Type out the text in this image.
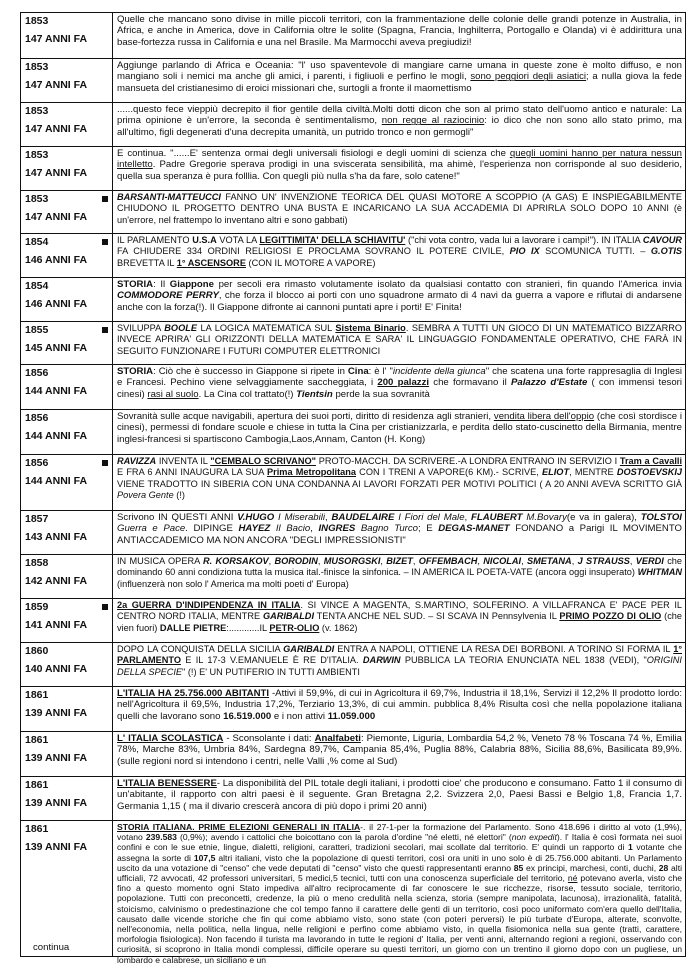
1853
147 ANNI FA
Quelle che mancano sono divise in mille piccoli territori, con la frammentazione delle colonie delle grandi potenze in Australia, in Africa, e anche in America, dove in California oltre le solite (Spagna, Francia, Inghilterra, Portogallo e Olanda) vi è addirittura una base-fortezza russa in California e una nel Brasile. Ma Marmocchi aveva pregiudizi!
1853
147 ANNI FA
Aggiunge parlando di Africa e Oceania: "l' uso spaventevole di mangiare carne umana in queste zone è molto diffuso, e non mangiano soli i nemici ma anche gli amici, i parenti, i figliuoli e perfino le mogli, sono peggiori degli asiatici; a nulla giova la fede mansueta del cristianesimo di eroici missionari che, surtogli a fronte il maomettismo
1853
147 ANNI FA
......questo fece vieppiù decrepito il fior gentile della civiltà.Molti dotti dicon che son al primo stato dell'uomo antico e naturale: La prima opinione è un'errore, la seconda è sentimentalismo, non regge al raziocinio: io dico che non sono allo stato primo, ma all'ultimo, figli degenerati d'una decrepita umanità, un putrido tronco e non germogli"
1853
147 ANNI FA
E continua. "......E' sentenza ormai degli universali fisiologi e degli uomini di scienza che quegli uomini hanno per natura nessun intelletto. Padre Gregorie sperava prodigi in una sviscerata sensibilità, ma ahimè, l'esperienza non corrisponde al suo desiderio, quella sua speranza è pura folllia. Con quegli più nulla s'ha da fare, solo catene!"
1853
147 ANNI FA
BARSANTI-MATTEUCCI FANNO UN' INVENZIONE TEORICA DEL QUASI MOTORE A SCOPPIO (A GAS) E INSPIEGABILMENTE CHIUDONO IL PROGETTO DENTRO UNA BUSTA E INCARICANO LA SUA ACCADEMIA DI APRIRLA SOLO DOPO 10 ANNI (è un'errore, nel frattempo lo inventano altri e sono gabbati)
1854
146 ANNI FA
IL PARLAMENTO U.S.A VOTA LA LEGITTIMITA' DELLA SCHIAVITU' ("chi vota contro, vada lui a lavorare i campi!"). IN ITALIA CAVOUR FA CHIUDERE 334 ORDINI RELIGIOSI E PROCLAMA SOVRANO IL POTERE CIVILE, PIO IX SCOMUNICA TUTTI. – G.OTIS BREVETTA IL 1° ASCENSORE (CON IL MOTORE A VAPORE)
1854
146 ANNI FA
STORIA: Il Giappone per secoli era rimasto volutamente isolato da qualsiasi contatto con stranieri, fin quando l'America invia COMMODORE PERRY, che forza il blocco ai porti con uno squadrone armato di 4 navi da guerra a vapore e riflutai di andarsene anche con la forza(!). Il Giappone difronte ai cannoni puntati apre i porti! E' Finita!
1855
145 ANNI FA
SVILUPPA BOOLE LA LOGICA MATEMATICA SUL Sistema Binario. SEMBRA A TUTTI UN GIOCO DI UN MATEMATICO BIZZARRO INVECE APRIRA' GLI ORIZZONTI DELLA MATEMATICA E SARA' IL LINGUAGGIO FONDAMENTALE OPERATIVO, CHE FARÀ IN SEGUITO FUNZIONARE I FUTURI COMPUTER ELETTRONICI
1856
144 ANNI FA
STORIA: Ciò che è successo in Giappone si ripete in Cina: è l' "incidente della giunca" che scatena una forte rappresaglia di Inglesi e Francesi. Pechino viene selvaggiamente saccheggiata, i 200 palazzi che formavano il Palazzo d'Estate ( con immensi tesori cinesi) rasi al suolo. La Cina col trattato(!) Tientsin perde la sua sovranità
1856
144 ANNI FA
Sovranità sulle acque navigabili, apertura dei suoi porti, diritto di residenza agli stranieri, vendita libera dell'oppio (che così stordisce i cinesi), permessi di fondare scuole e chiese in tutta la Cina per cristianizzarla, e perdita dello stato-cuscinetto della Birmania, mentre inglesi-francesi si spartiscono Cambogia,Laos,Annam, Canton (H. Kong)
1856
144 ANNI FA
RAVIZZA INVENTA IL "CEMBALO SCRIVANO" PROTO-MACCH. DA SCRIVERE.-A LONDRA ENTRANO IN SERVIZIO I Tram a Cavalli E FRA 6 ANNI INAUGURA LA SUA Prima Metropolitana CON I TRENI A VAPORE(6 KM).- SCRIVE, ELIOT, MENTRE DOSTOEVSKIJ VIENE TRADOTTO IN SIBERIA CON UNA CONDANNA AI LAVORI FORZATI PER MOTIVI POLITICI ( A 20 ANNI AVEVA SCRITTO GIÀ Povera Gente (!)
1857
143 ANNI FA
Scrivono IN QUESTI ANNI V.HUGO I Miserabili, BAUDELAIRE I Fiori del Male, FLAUBERT M.Bovary(e va in galera), TOLSTOI Guerra e Pace. DIPINGE HAYEZ Il Bacio, INGRES Bagno Turco; E DEGAS-MANET FONDANO a Parigi IL MOVIMENTO ANTIACCADEMICO MA NON ANCORA "DEGLI IMPRESSIONISTI"
1858
142 ANNI FA
IN MUSICA OPERA R. KORSAKOV, BORODIN, MUSORGSKI, BIZET, OFFEMBACH, NICOLAI, SMETANA, J STRAUSS, VERDI che dominando 60 anni condiziona tutta la musica ital.-finisce la sinfonica. – IN AMERICA IL POETA-VATE (ancora oggi insuperato) WHITMAN (influenzerà non solo l' America ma molti poeti d' Europa)
1859
141 ANNI FA
2a GUERRA D'INDIPENDENZA IN ITALIA. SI VINCE A MAGENTA, S.MARTINO, SOLFERINO. A VILLAFRANCA E' PACE PER IL CENTRO NORD ITALIA, MENTRE GARIBALDI TENTA ANCHE NEL SUD. – SI SCAVA IN Pennsylvenia IL PRIMO POZZO DI OLIO (che vien fuori) DALLE PIETRE:............IL PETR-OLIO (v. 1862)
1860
140 ANNI FA
DOPO LA CONQUISTA DELLA SICILIA GARIBALDI ENTRA A NAPOLI, OTTIENE LA RESA DEI BORBONI. A TORINO SI FORMA IL 1° PARLAMENTO E IL 17-3 V.EMANUELE È RE D'ITALIA. DARWIN PUBBLICA LA TEORIA ENUNCIATA NEL 1838 (VEDI), "ORIGINI DELLA SPECIE" (!) E' UN PUTIFERIO IN TUTTI AMBIENTI
1861
139 ANNI FA
L'ITALIA HA 25.756.000 ABITANTI -Attivi il 59,9%, di cui in Agricoltura il 69,7%, Industria il 18,1%, Servizi il 12,2% Il prodotto lordo: nell'Agricoltura il 69,5%, Industria 17,2%, Terziario 13,3%, di cui ammin. pubblica 8,4% Risulta così che nella popolazione italiana quelli che lavorano sono 16.519.000 e i non attivi 11.059.000
1861
139 ANNI FA
L' ITALIA SCOLASTICA - Sconsolante i dati: Analfabeti: Piemonte, Liguria, Lombardia 54,2 %, Veneto 78 % Toscana 74 %, Emilia 78%, Marche 83%, Umbria 84%, Sardegna 89,7%, Campania 85,4%, Puglia 88%, Calabria 88%, Sicilia 88,6%, Basilicata 89,9%. (sulle regioni nord si intendono i centri, nelle Valli ,% come al Sud)
1861
139 ANNI FA
L'ITALIA BENESSERE- La disponibilità del PIL totale degli italiani, i prodotti cioe' che producono e consumano. Fatto 1 il consumo di un'abitante, il rapporto con altri paesi è il seguente. Gran Bretagna 2,2. Svizzera 2,0, Paesi Bassi e Belgio 1,8, Francia 1,7. Germania 1,15 ( ma il divario crescerà ancora di più dopo i primi 20 anni)
1861
139 ANNI FA
continua
STORIA ITALIANA. PRIME ELEZIONI GENERALI IN ITALIA-. il 27-1-per la formazione del Parlamento. Sono 418.696 i diritto al voto (1,9%), votano 239.583 (0,9%); avendo i cattolici che boicottano con la parola d'ordine "né eletti, né elettori" (non expedit). l' Italia è così formata nei suoi confini e con le sue etnie, lingue, dialetti, religioni, caratteri, tradizioni secolari, mai scollate dal territorio. E' quindi un rapporto di 1 votante che assegna la sorte di 107,5 altri italiani, visto che la popolazione di questi territori, così ora uniti in uno solo è di 25.756.000 abitanti. Un Parlamento uscito da una votazione di "censo" che vede deputati di "censo" visto che questi rappresentanti eranno 85 ex principi, marchesi, conti, duchi, 28 alti ufficiali, 72 avvocati, 42 professori universitari, 5 medici,5 tecnici, tutti con una conoscenza superficiale del territorio, né potevano averla, visto che fino a questo momento ogni Stato impediva all'altro reciprocamente di far conoscere le sue ricchezze, risorse, tessuto sociale, territorio, popolazione. Tutti con preconcetti, credenze, la più o meno credulità nella scienza, storia (sempre manipolata, lacunosa), irrazionalità, fatalità, stoicismo, calvinismo o predestinazione che col tempo fanno il carattere delle genti di un territorio, così poco uniformato com'era quello dell'Italia, causato dalle vicende storiche che fin qui come abbiamo visto, sono state (con poteri perversi) le più turbate d'Europa, alterate, sconvolte, nell'economia, nella politica, nella lingua, nelle religioni e perfino come abbiamo visto, in quella fisiomonica nella sua gente (tratti, carattere, morfologia fisiologica). Non facendo il turista ma lavorando in tutte le regioni d' Italia, per venti anni, alternando regioni a regioni, osservando con curiosità, si scoprono in Italia mondi complessi, difficile operare su questi territori, un giorno con un trentino il giorno dopo con un pugliese, un lombardo e calabrese, un siciliano e un
